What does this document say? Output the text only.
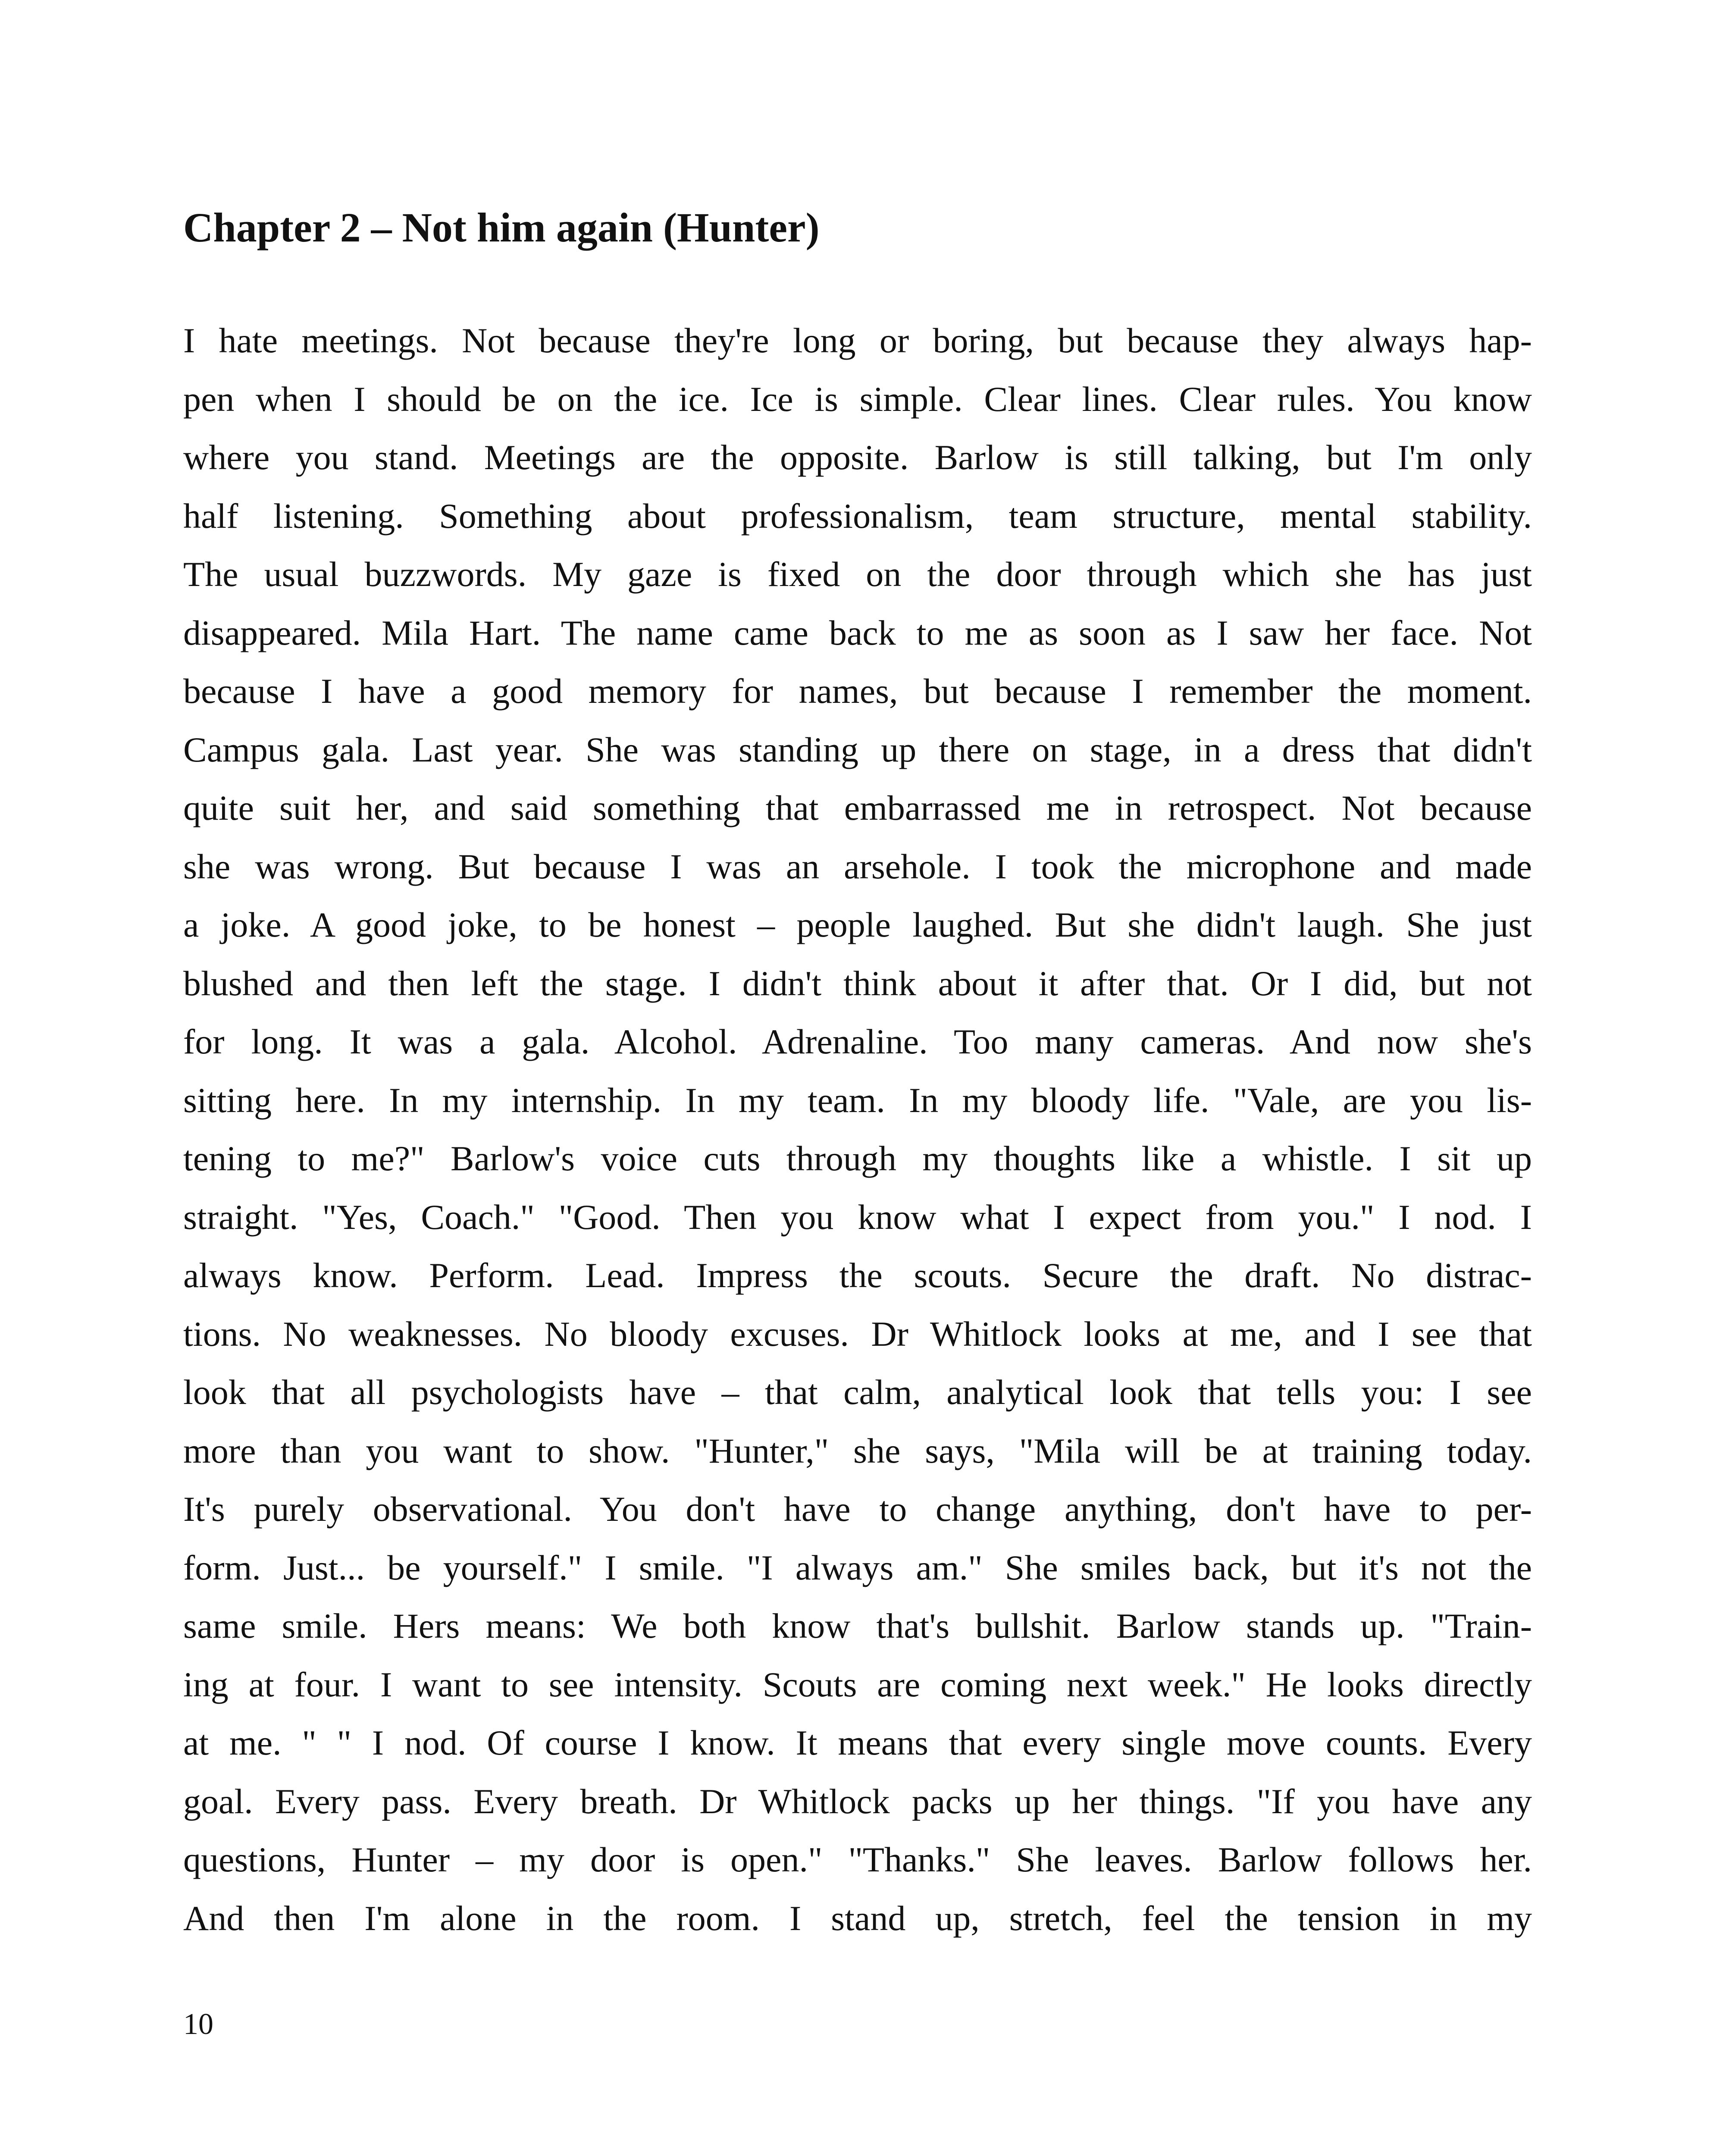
Chapter 2 – Not him again (Hunter)
I hate meetings. Not because they're long or boring, but because they always hap-
pen when I should be on the ice. Ice is simple. Clear lines. Clear rules. You know
where you stand. Meetings are the opposite. Barlow is still talking, but I'm only
half listening. Something about professionalism, team structure, mental stability.
The usual buzzwords. My gaze is fixed on the door through which she has just
disappeared. Mila Hart. The name came back to me as soon as I saw her face. Not
because I have a good memory for names, but because I remember the moment.
Campus gala. Last year. She was standing up there on stage, in a dress that didn't
quite suit her, and said something that embarrassed me in retrospect. Not because
she was wrong. But because I was an arsehole. I took the microphone and made
a joke. A good joke, to be honest – people laughed. But she didn't laugh. She just
blushed and then left the stage. I didn't think about it after that. Or I did, but not
for long. It was a gala. Alcohol. Adrenaline. Too many cameras. And now she's
sitting here. In my internship. In my team. In my bloody life. "Vale, are you lis-
tening to me?" Barlow's voice cuts through my thoughts like a whistle. I sit up
straight. "Yes, Coach." "Good. Then you know what I expect from you." I nod. I
always know. Perform. Lead. Impress the scouts. Secure the draft. No distrac-
tions. No weaknesses. No bloody excuses. Dr Whitlock looks at me, and I see that
look that all psychologists have – that calm, analytical look that tells you: I see
more than you want to show. "Hunter," she says, "Mila will be at training today.
It's purely observational. You don't have to change anything, don't have to per-
form. Just... be yourself." I smile. "I always am." She smiles back, but it's not the
same smile. Hers means: We both know that's bullshit. Barlow stands up. "Train-
ing at four. I want to see intensity. Scouts are coming next week." He looks directly
at me. " " I nod. Of course I know. It means that every single move counts. Every
goal. Every pass. Every breath. Dr Whitlock packs up her things. "If you have any
questions, Hunter – my door is open." "Thanks." She leaves. Barlow follows her.
And then I'm alone in the room. I stand up, stretch, feel the tension in my
10
